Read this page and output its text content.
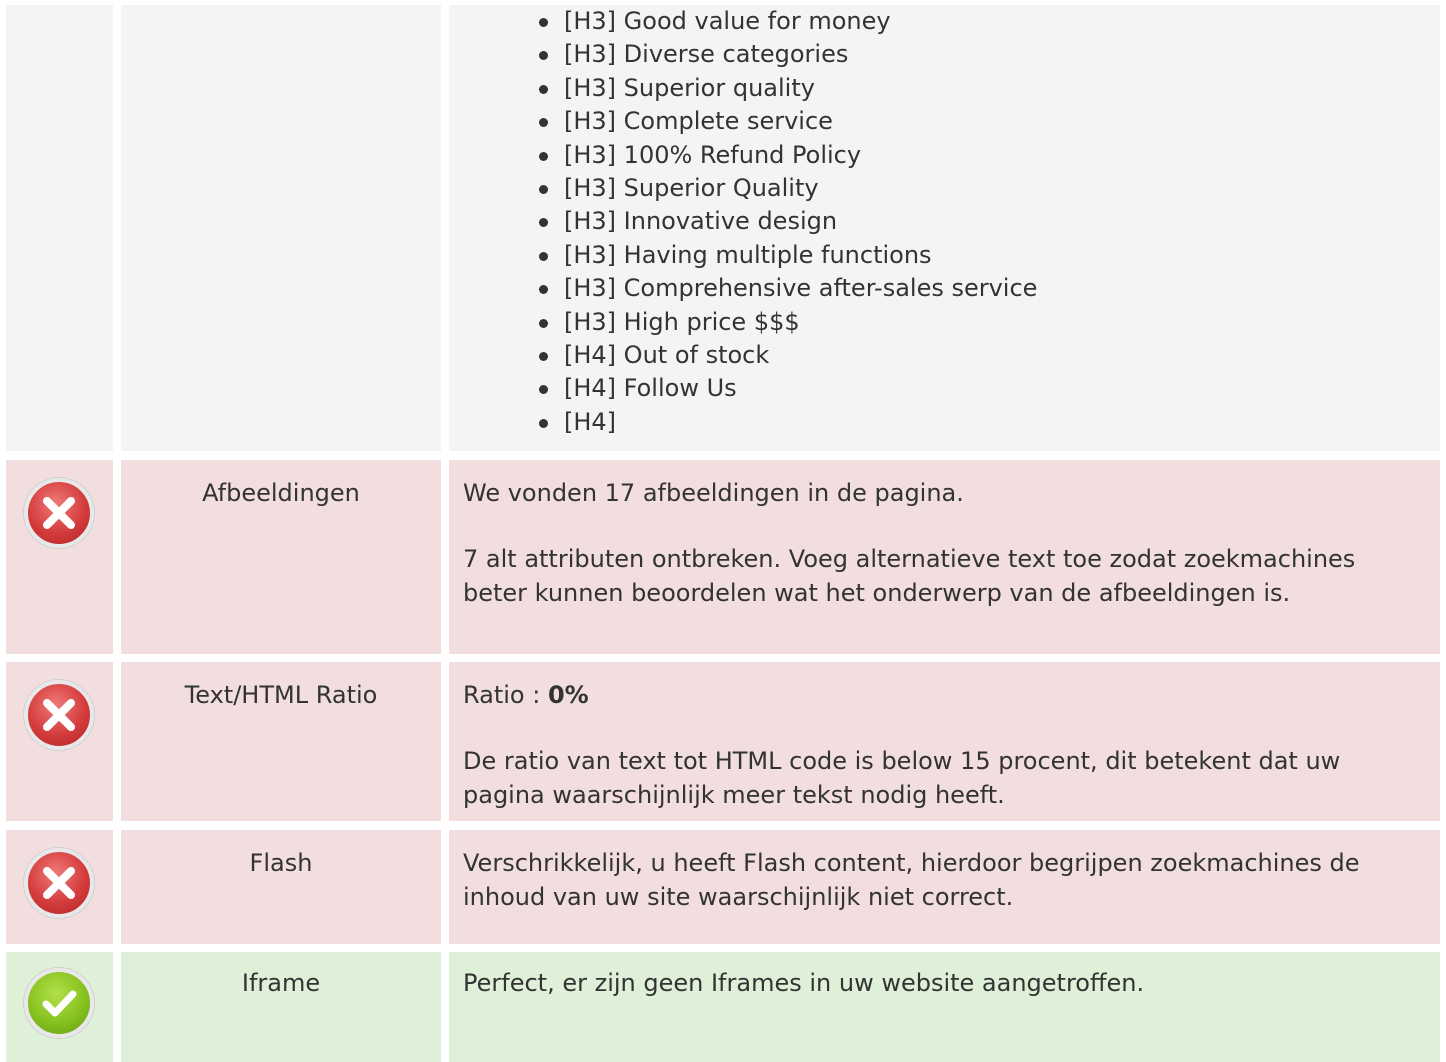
[H3] Good value for money
[H3] Diverse categories
[H3] Superior quality
[H3] Complete service
[H3] 100% Refund Policy
[H3] Superior Quality
[H3] Innovative design
[H3] Having multiple functions
[H3] Comprehensive after-sales service
[H3] High price $$$
[H4] Out of stock
[H4] Follow Us
[H4]
Afbeeldingen	We vonden 17 afbeeldingen in de pagina.

7 alt attributen ontbreken. Voeg alternatieve text toe zodat zoekmachines beter kunnen beoordelen wat het onderwerp van de afbeeldingen is.

Text/HTML Ratio	Ratio : 0%

De ratio van text tot HTML code is below 15 procent, dit betekent dat uw pagina waarschijnlijk meer tekst nodig heeft.

Flash	Verschrikkelijk, u heeft Flash content, hierdoor begrijpen zoekmachines de inhoud van uw site waarschijnlijk niet correct.

Iframe	Perfect, er zijn geen Iframes in uw website aangetroffen.
